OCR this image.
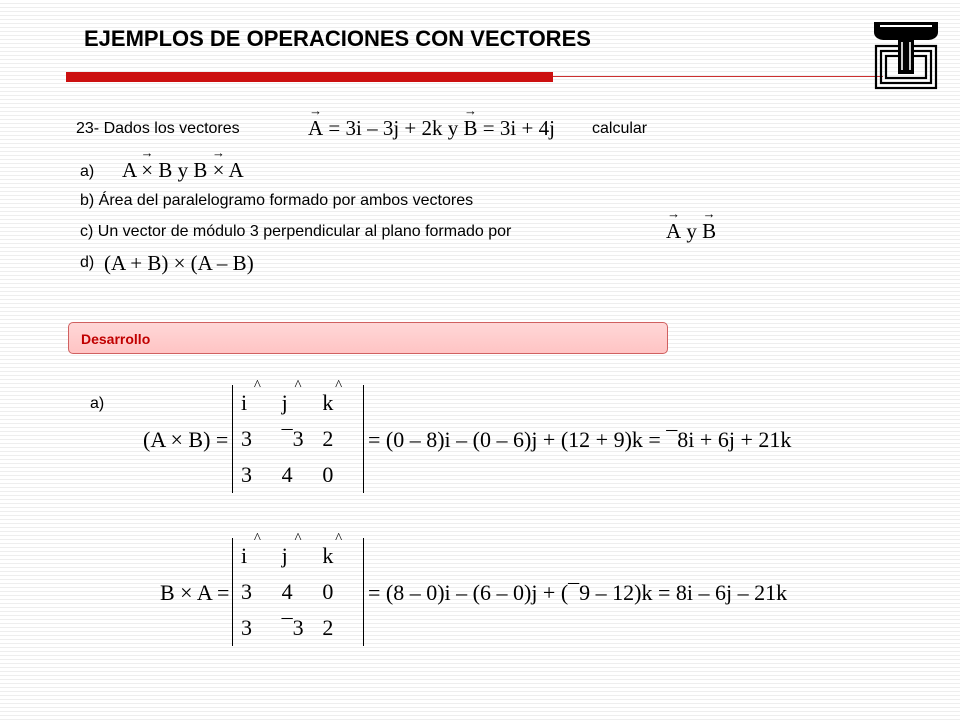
EJEMPLOS DE OPERACIONES CON VECTORES
23- Dados los vectores	→ A = 3i – 3j + 2k y → B = 3i + 4j calcular
a) → A × B y → B × A
b) Área del paralelogramo formado por ambos vectores
c) Un vector de módulo 3 perpendicular al plano formado por	→ A y → B
d) (A + B) × (A – B)
Desarrollo
a)
(A × B) =
^ i	^ j	^ k
3	¯3 2
3	4	0
= (0 – 8)i – (0 – 6)j + (12 + 9)k = ¯8i + 6j + 21k
B × A =
^ i	^ j	^ k
3	4	0
3	¯3 2
= (8 – 0)i – (6 – 0)j + (¯9 – 12)k = 8i – 6j – 21k
